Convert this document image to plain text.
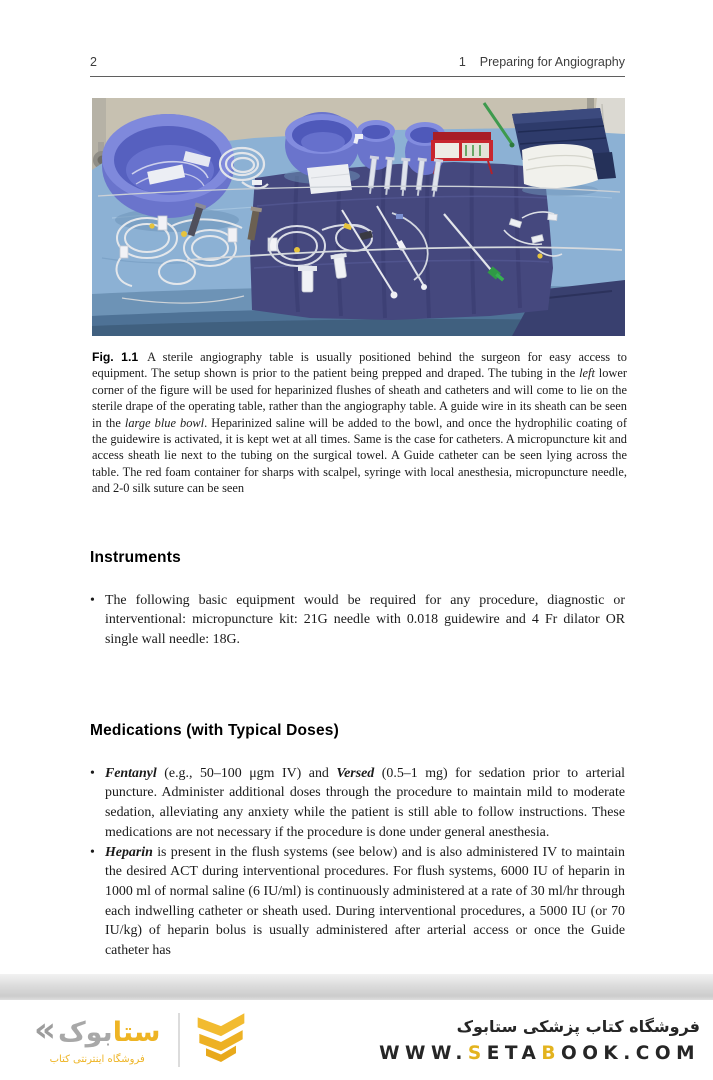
2	1 Preparing for Angiography
Fig. 1.1 A sterile angiography table is usually positioned behind the surgeon for easy access to equipment. The setup shown is prior to the patient being prepped and draped. The tubing in the left lower corner of the figure will be used for heparinized flushes of sheath and catheters and will come to lie on the sterile drape of the operating table, rather than the angiography table. A guide wire in its sheath can be seen in the large blue bowl. Heparinized saline will be added to the bowl, and once the hydrophilic coating of the guidewire is activated, it is kept wet at all times. Same is the case for catheters. A micropuncture kit and access sheath lie next to the tubing on the surgical towel. A Guide catheter can be seen lying across the table. The red foam container for sharps with scalpel, syringe with local anesthesia, micropuncture needle, and 2-0 silk suture can be seen
Instruments
• The following basic equipment would be required for any procedure, diagnostic or interventional: micropuncture kit: 21G needle with 0.018 guidewire and 4 Fr dilator OR single wall needle: 18G.
Medications (with Typical Doses)
• Fentanyl (e.g., 50–100 μgm IV) and Versed (0.5–1 mg) for sedation prior to arterial puncture. Administer additional doses through the procedure to maintain mild to moderate sedation, alleviating any anxiety while the patient is still able to follow instructions. These medications are not necessary if the procedure is done under general anesthesia.
• Heparin is present in the flush systems (see below) and is also administered IV to maintain the desired ACT during interventional procedures. For flush systems, 6000 IU of heparin in 1000 ml of normal saline (6 IU/ml) is continuously administered at a rate of 30 ml/hr through each indwelling catheter or sheath used. During interventional procedures, a 5000 IU (or 70 IU/kg) of heparin bolus is usually administered after arterial access or once the Guide catheter has
«	ستابوک
فروشگاه اینترنتی کتاب
فروشگاه کتاب پزشکی ستابوک
WWW.SETABOOK.COM
